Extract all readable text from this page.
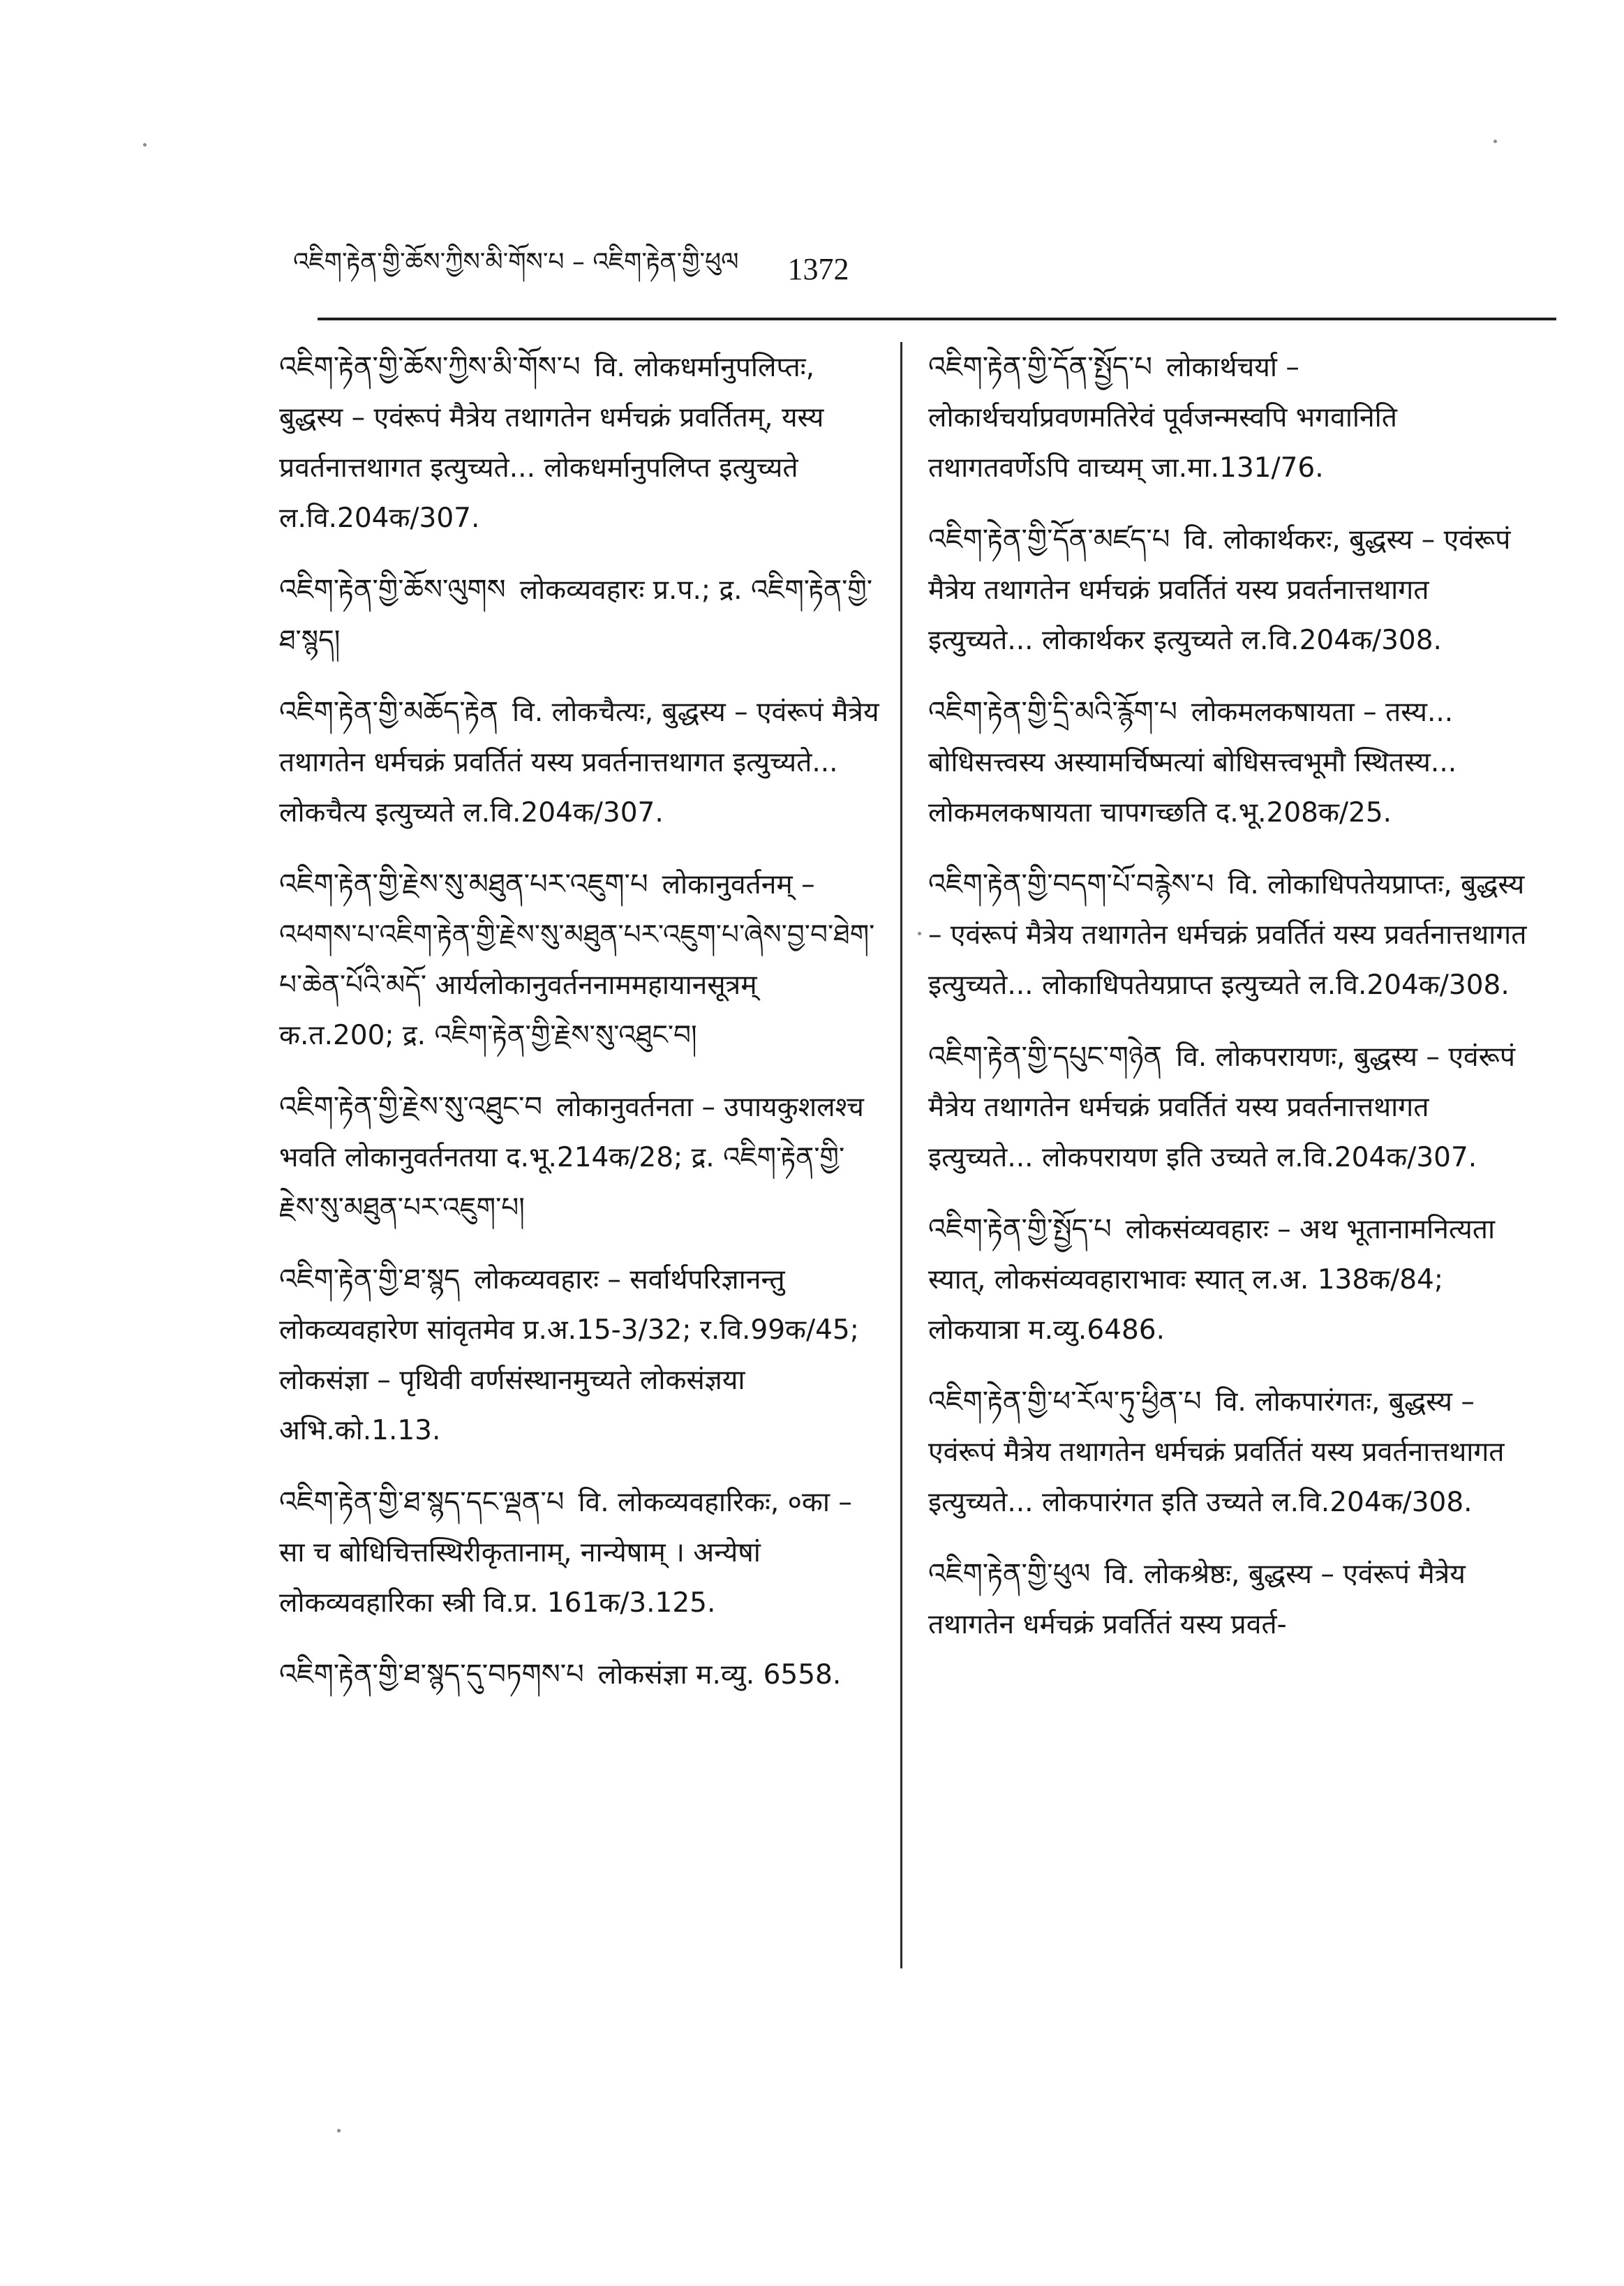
འཇིག་རྟེན་གྱི་ཆོས་ཀྱིས་མི་གོས་པ – འཇིག་རྟེན་གྱི་ཕུལ 1372
འཇིག་རྟེན་གྱི་ཆོས་ཀྱིས་མི་གོས་པ वि. लोकधर्मानुपलिप्तः, बुद्धस्य – एवंरूपं मैत्रेय तथागतेन धर्मचक्रं प्रवर्तितम्, यस्य प्रवर्तनात्तथागत इत्युच्यते... लोकधर्मानुपलिप्त इत्युच्यते ल.वि.204क/307.
འཇིག་རྟེན་གྱི་ཆོས་ལུགས लोकव्यवहारः प्र.प.; द्र. འཇིག་རྟེན་གྱི་ཐ་སྙད།
འཇིག་རྟེན་གྱི་མཆོད་རྟེན वि. लोकचैत्यः, बुद्धस्य – एवंरूपं मैत्रेय तथागतेन धर्मचक्रं प्रवर्तितं यस्य प्रवर्तनात्तथागत इत्युच्यते... लोकचैत्य इत्युच्यते ल.वि.204क/307.
འཇིག་རྟེན་གྱི་རྗེས་སུ་མཐུན་པར་འཇུག་པ लोकानुवर्तनम् – འཕགས་པ་འཇིག་རྟེན་གྱི་རྗེས་སུ་མཐུན་པར་འཇུག་པ་ཞེས་བྱ་བ་ཐེག་པ་ཆེན་པོའི་མདོ་ आर्यलोकानुवर्तननाममहायानसूत्रम् क.त.200; द्र. འཇིག་རྟེན་གྱི་རྗེས་སུ་འཐུང་བ།
འཇིག་རྟེན་གྱི་རྗེས་སུ་འཐུང་བ लोकानुवर्तनता – उपायकुशलश्च भवति लोकानुवर्तनतया द.भू.214क/28; द्र. འཇིག་རྟེན་གྱི་རྗེས་སུ་མཐུན་པར་འཇུག་པ།
འཇིག་རྟེན་གྱི་ཐ་སྙད लोकव्यवहारः – सर्वार्थपरिज्ञानन्तु लोकव्यवहारेण सांवृतमेव प्र.अ.15-3/32; र.वि.99क/45; लोकसंज्ञा – पृथिवी वर्णसंस्थानमुच्यते लोकसंज्ञया अभि.को.1.13.
འཇིག་རྟེན་གྱི་ཐ་སྙད་དང་ལྡན་པ वि. लोकव्यवहारिकः, ०का – सा च बोधिचित्तस्थिरीकृतानाम्, नान्येषाम् । अन्येषां लोकव्यवहारिका स्त्री वि.प्र. 161क/3.125.
འཇིག་རྟེན་གྱི་ཐ་སྙད་དུ་བཏགས་པ लोकसंज्ञा म.व्यु. 6558.
འཇིག་རྟེན་གྱི་དོན་སྤྱོད་པ लोकार्थचर्या – लोकार्थचर्याप्रवणमतिरेवं पूर्वजन्मस्वपि भगवानिति तथागतवर्णेऽपि वाच्यम् जा.मा.131/76.
འཇིག་རྟེན་གྱི་དོན་མཛད་པ वि. लोकार्थकरः, बुद्धस्य – एवंरूपं मैत्रेय तथागतेन धर्मचक्रं प्रवर्तितं यस्य प्रवर्तनात्तथागत इत्युच्यते... लोकार्थकर इत्युच्यते ल.वि.204क/308.
འཇིག་རྟེན་གྱི་དྲི་མའི་རྙོག་པ लोकमलकषायता – तस्य... बोधिसत्त्वस्य अस्यामर्चिष्मत्यां बोधिसत्त्वभूमौ स्थितस्य... लोकमलकषायता चापगच्छति द.भू.208क/25.
འཇིག་རྟེན་གྱི་བདག་པོ་བརྙེས་པ वि. लोकाधिपतेयप्राप्तः, बुद्धस्य – एवंरूपं मैत्रेय तथागतेन धर्मचक्रं प्रवर्तितं यस्य प्रवर्तनात्तथागत इत्युच्यते... लोकाधिपतेयप्राप्त इत्युच्यते ल.वि.204क/308.
འཇིག་རྟེན་གྱི་དཔུང་གཉེན वि. लोकपरायणः, बुद्धस्य – एवंरूपं मैत्रेय तथागतेन धर्मचक्रं प्रवर्तितं यस्य प्रवर्तनात्तथागत इत्युच्यते... लोकपरायण इति उच्यते ल.वि.204क/307.
འཇིག་རྟེན་གྱི་སྤྱོད་པ लोकसंव्यवहारः – अथ भूतानामनित्यता स्यात्, लोकसंव्यवहाराभावः स्यात् ल.अ. 138क/84; लोकयात्रा म.व्यु.6486.
འཇིག་རྟེན་གྱི་ཕ་རོལ་ཏུ་ཕྱིན་པ वि. लोकपारंगतः, बुद्धस्य – एवंरूपं मैत्रेय तथागतेन धर्मचक्रं प्रवर्तितं यस्य प्रवर्तनात्तथागत इत्युच्यते... लोकपारंगत इति उच्यते ल.वि.204क/308.
འཇིག་རྟེན་གྱི་ཕུལ वि. लोकश्रेष्ठः, बुद्धस्य – एवंरूपं मैत्रेय तथागतेन धर्मचक्रं प्रवर्तितं यस्य प्रवर्त-
